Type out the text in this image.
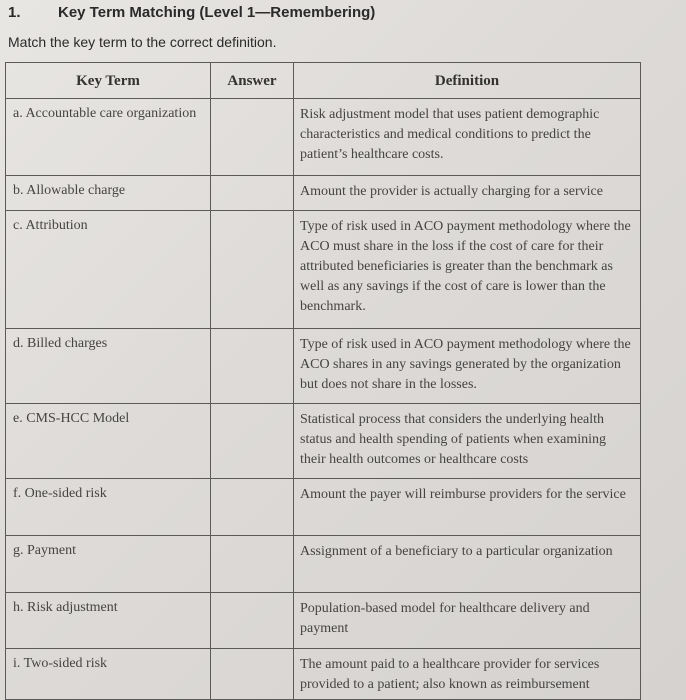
1. Key Term Matching (Level 1—Remembering)
Match the key term to the correct definition.
Key Term	Answer	Definition
a. Accountable care organization		Risk adjustment model that uses patient demographic characteristics and medical conditions to predict the patient’s healthcare costs.
b. Allowable charge		Amount the provider is actually charging for a service
c. Attribution		Type of risk used in ACO payment methodology where the ACO must share in the loss if the cost of care for their attributed beneficiaries is greater than the benchmark as well as any savings if the cost of care is lower than the benchmark.
d. Billed charges		Type of risk used in ACO payment methodology where the ACO shares in any savings generated by the organization but does not share in the losses.
e. CMS-HCC Model		Statistical process that considers the underlying health status and health spending of patients when examining their health outcomes or healthcare costs
f. One-sided risk		Amount the payer will reimburse providers for the service
g. Payment		Assignment of a beneficiary to a particular organization
h. Risk adjustment		Population-based model for healthcare delivery and payment
i. Two-sided risk		The amount paid to a healthcare provider for services provided to a patient; also known as reimbursement
